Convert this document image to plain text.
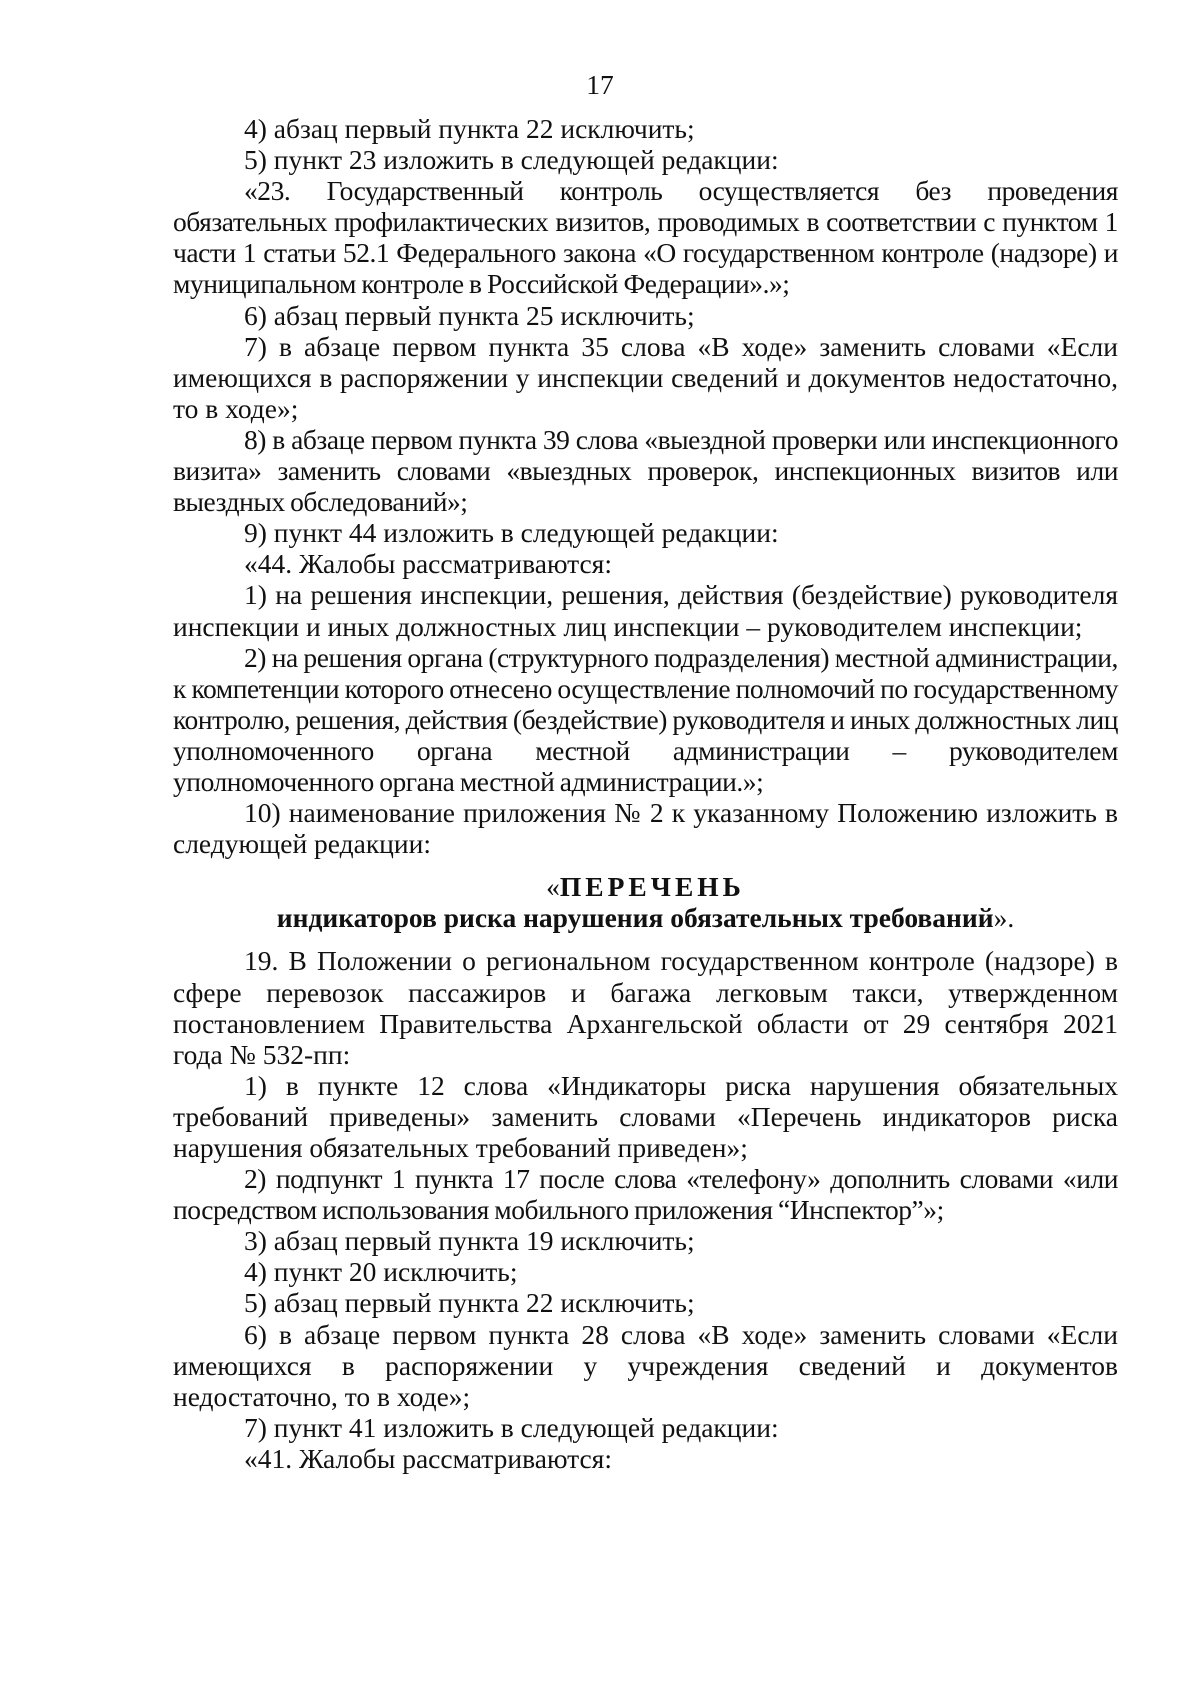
17

4) абзац первый пункта 22 исключить;

5) пункт 23 изложить в следующей редакции:

«23. Государственный контроль осуществляется без проведения обязательных профилактических визитов, проводимых в соответствии с пунктом 1 части 1 статьи 52.1 Федерального закона «О государственном контроле (надзоре) и муниципальном контроле в Российской Федерации».»;

6) абзац первый пункта 25 исключить;

7) в абзаце первом пункта 35 слова «В ходе» заменить словами «Если имеющихся в распоряжении у инспекции сведений и документов недостаточно, то в ходе»;

8) в абзаце первом пункта 39 слова «выездной проверки или инспекционного визита» заменить словами «выездных проверок, инспекционных визитов или выездных обследований»;

9) пункт 44 изложить в следующей редакции:

«44. Жалобы рассматриваются:

1) на решения инспекции, решения, действия (бездействие) руководителя инспекции и иных должностных лиц инспекции – руководителем инспекции;

2) на решения органа (структурного подразделения) местной администрации, к компетенции которого отнесено осуществление полномочий по государственному контролю, решения, действия (бездействие) руководителя и иных должностных лиц уполномоченного органа местной администрации – руководителем уполномоченного органа местной администрации.»;

10) наименование приложения № 2 к указанному Положению изложить в следующей редакции:

«ПЕРЕЧЕНЬ
индикаторов риска нарушения обязательных требований».

19. В Положении о региональном государственном контроле (надзоре) в сфере перевозок пассажиров и багажа легковым такси, утвержденном постановлением Правительства Архангельской области от 29 сентября 2021 года № 532-пп:

1) в пункте 12 слова «Индикаторы риска нарушения обязательных требований приведены» заменить словами «Перечень индикаторов риска нарушения обязательных требований приведен»;

2) подпункт 1 пункта 17 после слова «телефону» дополнить словами «или посредством использования мобильного приложения “Инспектор”»;

3) абзац первый пункта 19 исключить;

4) пункт 20 исключить;

5) абзац первый пункта 22 исключить;

6) в абзаце первом пункта 28 слова «В ходе» заменить словами «Если имеющихся в распоряжении у учреждения сведений и документов недостаточно, то в ходе»;

7) пункт 41 изложить в следующей редакции:

«41. Жалобы рассматриваются:
